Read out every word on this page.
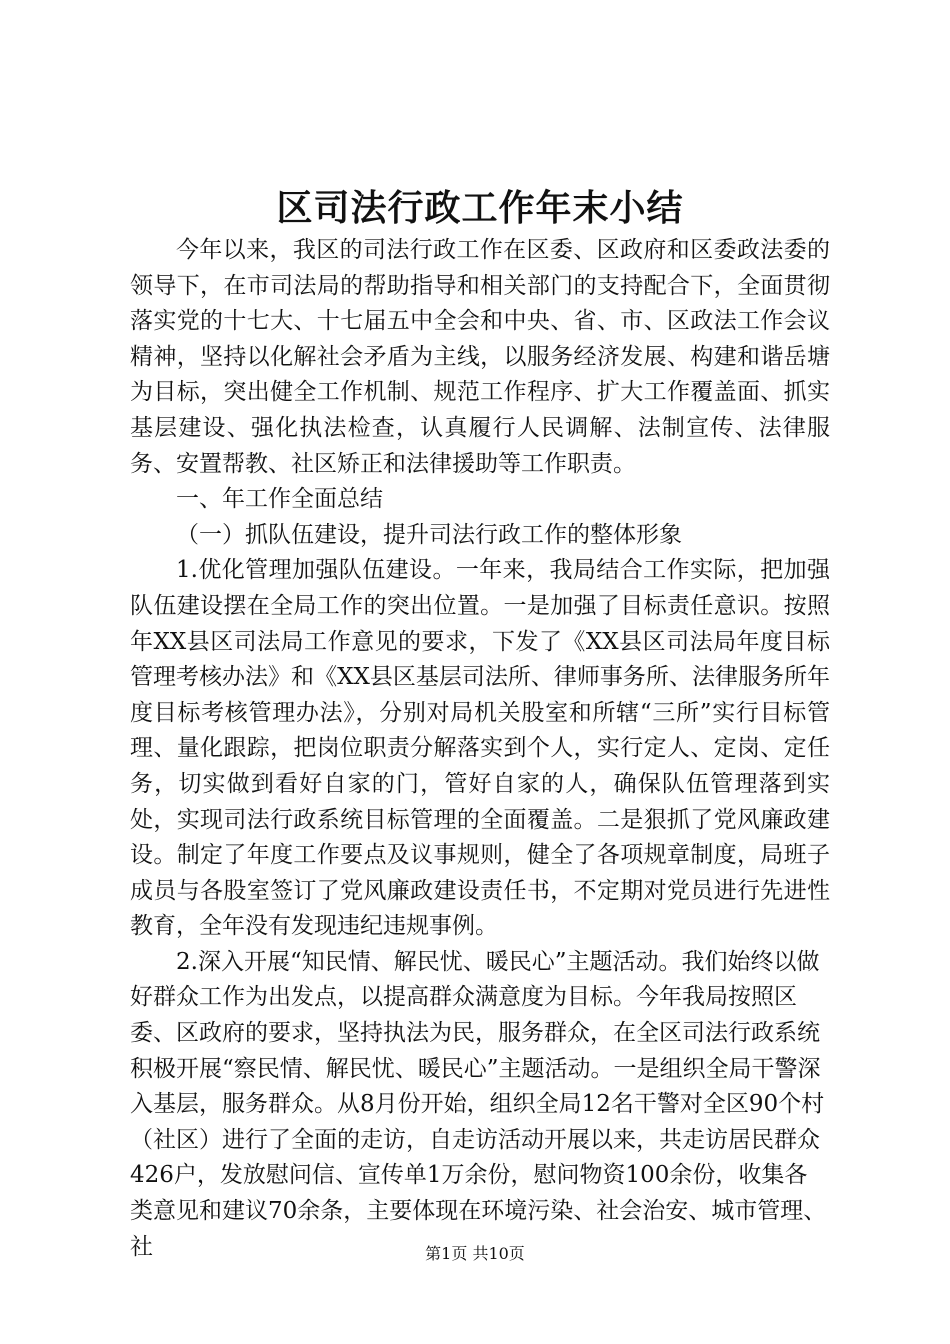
区司法行政工作年末小结

今年以来，我区的司法行政工作在区委、区政府和区委政法委的领导下，在市司法局的帮助指导和相关部门的支持配合下，全面贯彻落实党的十七大、十七届五中全会和中央、省、市、区政法工作会议精神，坚持以化解社会矛盾为主线，以服务经济发展、构建和谐岳塘为目标，突出健全工作机制、规范工作程序、扩大工作覆盖面、抓实基层建设、强化执法检查，认真履行人民调解、法制宣传、法律服务、安置帮教、社区矫正和法律援助等工作职责。

一、年工作全面总结

（一）抓队伍建设，提升司法行政工作的整体形象

1.优化管理加强队伍建设。一年来，我局结合工作实际，把加强队伍建设摆在全局工作的突出位置。一是加强了目标责任意识。按照年XX县区司法局工作意见的要求，下发了《XX县区司法局年度目标管理考核办法》和《XX县区基层司法所、律师事务所、法律服务所年度目标考核管理办法》，分别对局机关股室和所辖“三所”实行目标管理、量化跟踪，把岗位职责分解落实到个人，实行定人、定岗、定任务，切实做到看好自家的门，管好自家的人，确保队伍管理落到实处，实现司法行政系统目标管理的全面覆盖。二是狠抓了党风廉政建设。制定了年度工作要点及议事规则，健全了各项规章制度，局班子成员与各股室签订了党风廉政建设责任书，不定期对党员进行先进性教育，全年没有发现违纪违规事例。

2.深入开展“知民情、解民忧、暖民心”主题活动。我们始终以做好群众工作为出发点，以提高群众满意度为目标。今年我局按照区委、区政府的要求，坚持执法为民，服务群众，在全区司法行政系统积极开展“察民情、解民忧、暖民心”主题活动。一是组织全局干警深入基层，服务群众。从8月份开始，组织全局12名干警对全区90个村（社区）进行了全面的走访，自走访活动开展以来，共走访居民群众426户，发放慰问信、宣传单1万余份，慰问物资100余份，收集各类意见和建议70余条，主要体现在环境污染、社会治安、城市管理、社	第1页 共10页
